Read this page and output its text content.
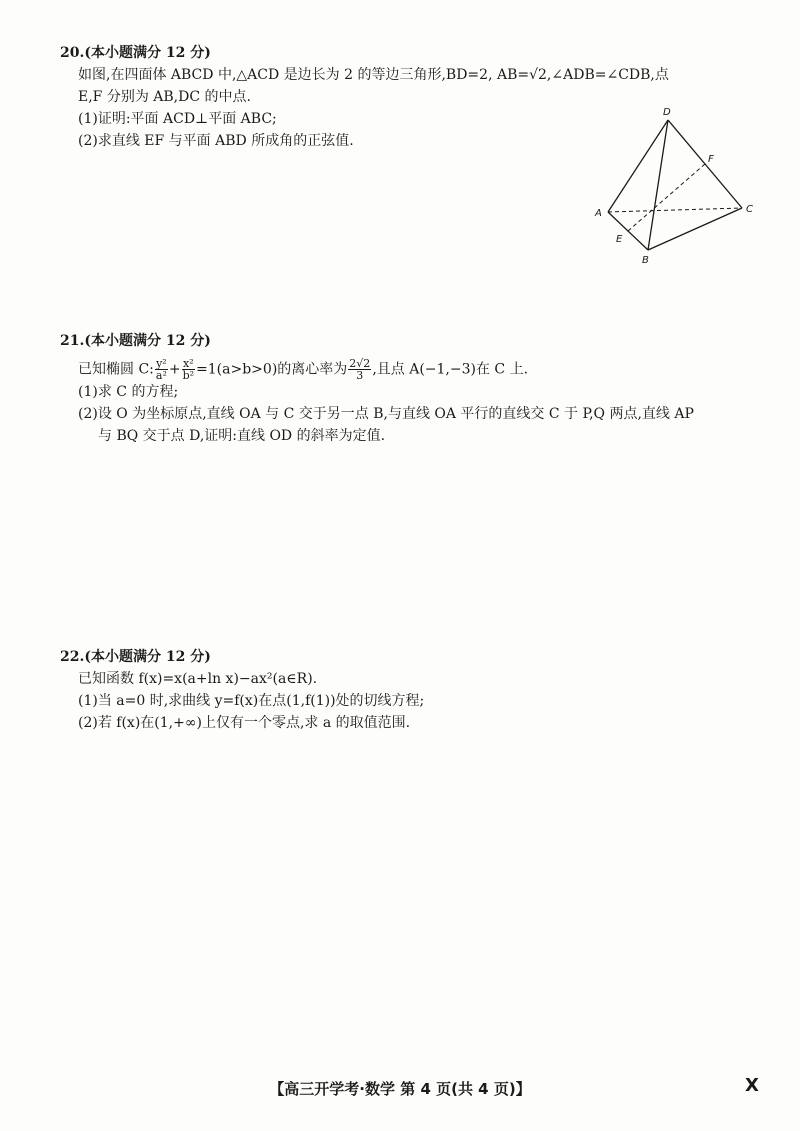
20.(本小题满分 12 分)
如图,在四面体 ABCD 中,△ACD 是边长为 2 的等边三角形,BD=2, AB=√2,∠ADB=∠CDB,点
E,F 分别为 AB,DC 的中点.
(1)证明:平面 ACD⊥平面 ABC;
(2)求直线 EF 与平面 ABD 所成角的正弦值.
D
F
A	C
E
B
21.(本小题满分 12 分)
已知椭圆 C: $\frac{\text{y²}}{\text{a²}} + \frac{\text{x²}}{\text{b²}} =1(a>b>0)$的离心率为 $\frac{2√2}{3}$ ,且点 A(−1,−3)在 C 上.
(1)求 C 的方程;
(2)设 O 为坐标原点,直线 OA 与 C 交于另一点 B,与直线 OA 平行的直线交 C 于 P,Q 两点,直线 AP
与 BQ 交于点 D,证明:直线 OD 的斜率为定值.
22.(本小题满分 12 分)
已知函数 f(x)=x(a+ln x)−ax²(a∈R).
(1)当 a=0 时,求曲线 y=f(x)在点(1,f(1))处的切线方程;
(2)若 f(x)在(1,+∞)上仅有一个零点,求 a 的取值范围.
【高三开学考·数学 第 4 页(共 4 页)】	X
